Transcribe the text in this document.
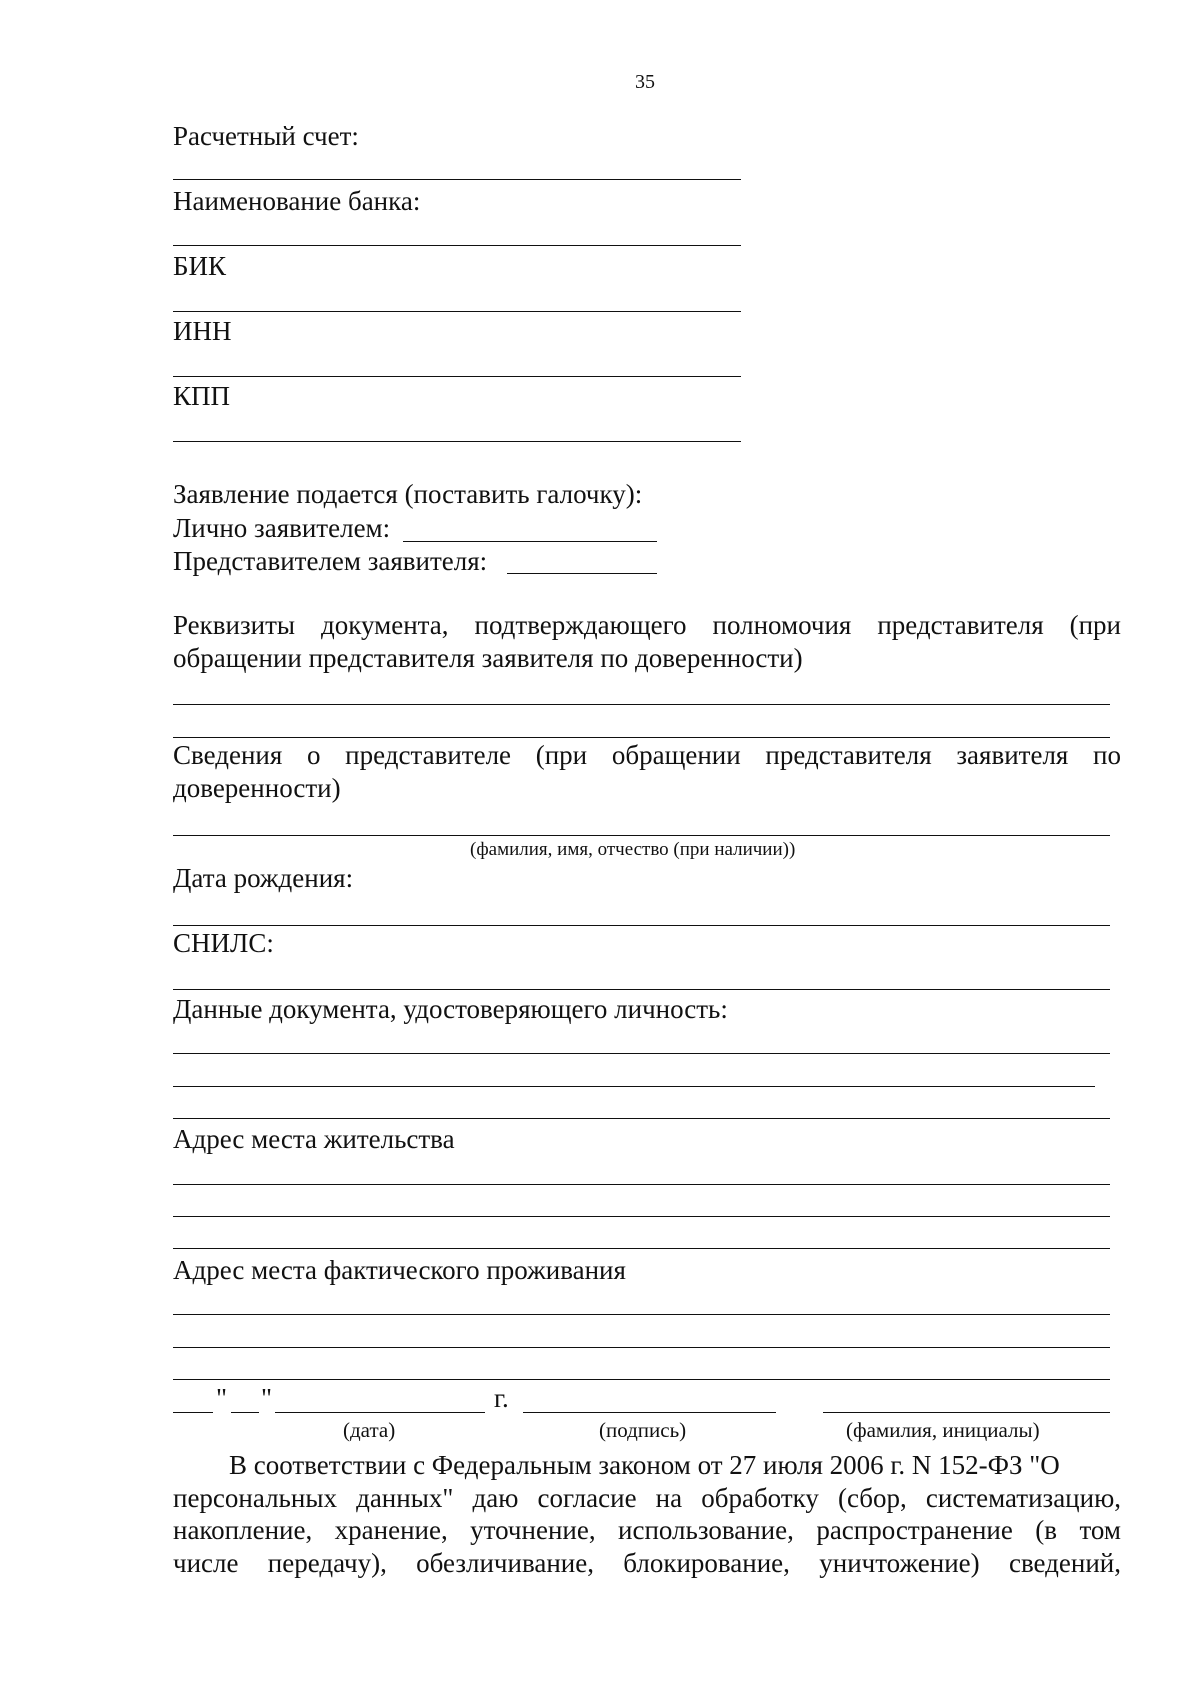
35
Расчетный счет:
Наименование банка:
БИК
ИНН
КПП
Заявление подается (поставить галочку):
Лично заявителем:
Представителем заявителя:
Реквизиты документа, подтверждающего полномочия представителя (при
обращении представителя заявителя по доверенности)
Сведения о представителе (при обращении представителя заявителя по
доверенности)
(фамилия, имя, отчество (при наличии))
Дата рождения:
СНИЛС:
Данные документа, удостоверяющего личность:
Адрес места жительства
Адрес места фактического проживания
" "	г.
(дата)	(подпись)	(фамилия, инициалы)
В соответствии с Федеральным законом от 27 июля 2006 г. N 152-ФЗ "О
персональных данных" даю согласие на обработку (сбор, систематизацию,
накопление, хранение, уточнение, использование, распространение (в том
числе передачу), обезличивание, блокирование, уничтожение) сведений,
